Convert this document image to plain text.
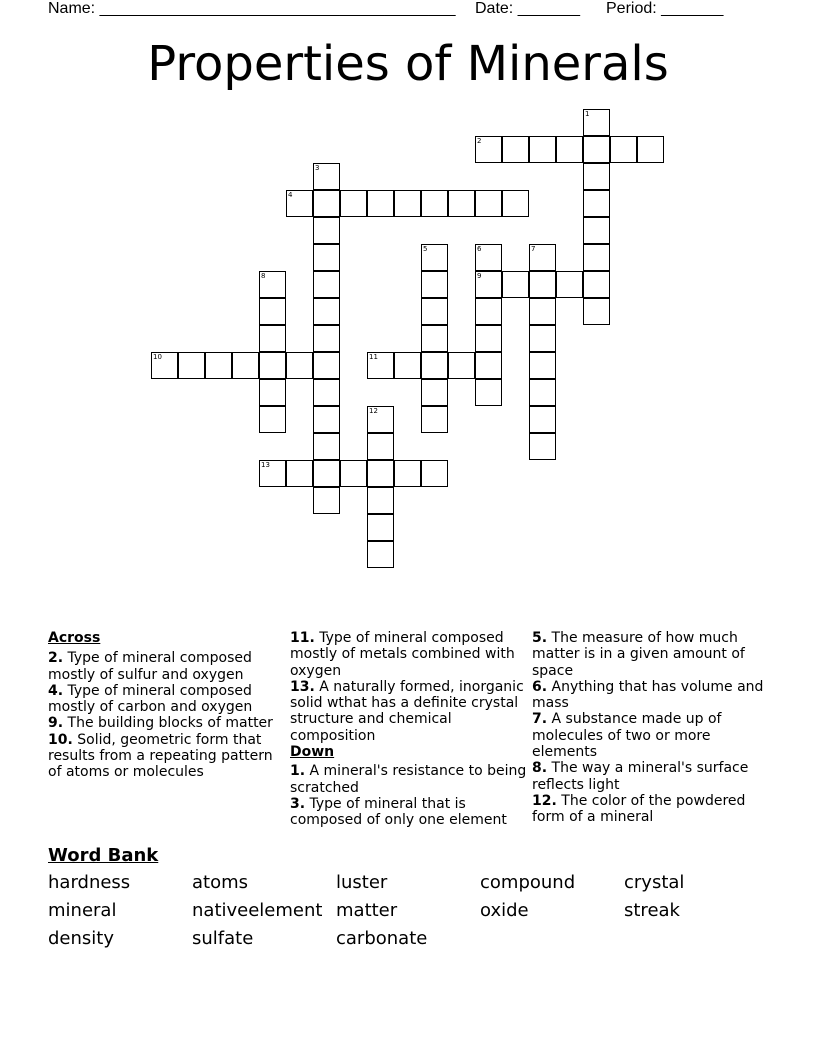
Name: ________________________________________ Date: _______ Period: _______
Properties of Minerals
1
2
3
4
5	6
9
7
8
10	11
12
13
Across

2. Type of mineral composed mostly of sulfur and oxygen

4. Type of mineral composed mostly of carbon and oxygen

9. The building blocks of matter

10. Solid, geometric form that results from a repeating pattern of atoms or molecules

11. Type of mineral composed mostly of metals combined with oxygen

13. A naturally formed, inorganic solid wthat has a definite crystal structure and chemical composition

Down

1. A mineral's resistance to being scratched

3. Type of mineral that is composed of only one element

5. The measure of how much matter is in a given amount of space

6. Anything that has volume and mass

7. A substance made up of molecules of two or more elements

8. The way a mineral's surface reflects light

12. The color of the powdered form of a mineral

Word Bank
hardness	atoms	luster	compound	crystal
mineral	nativeelement matter	oxide	streak
density	sulfate	carbonate
